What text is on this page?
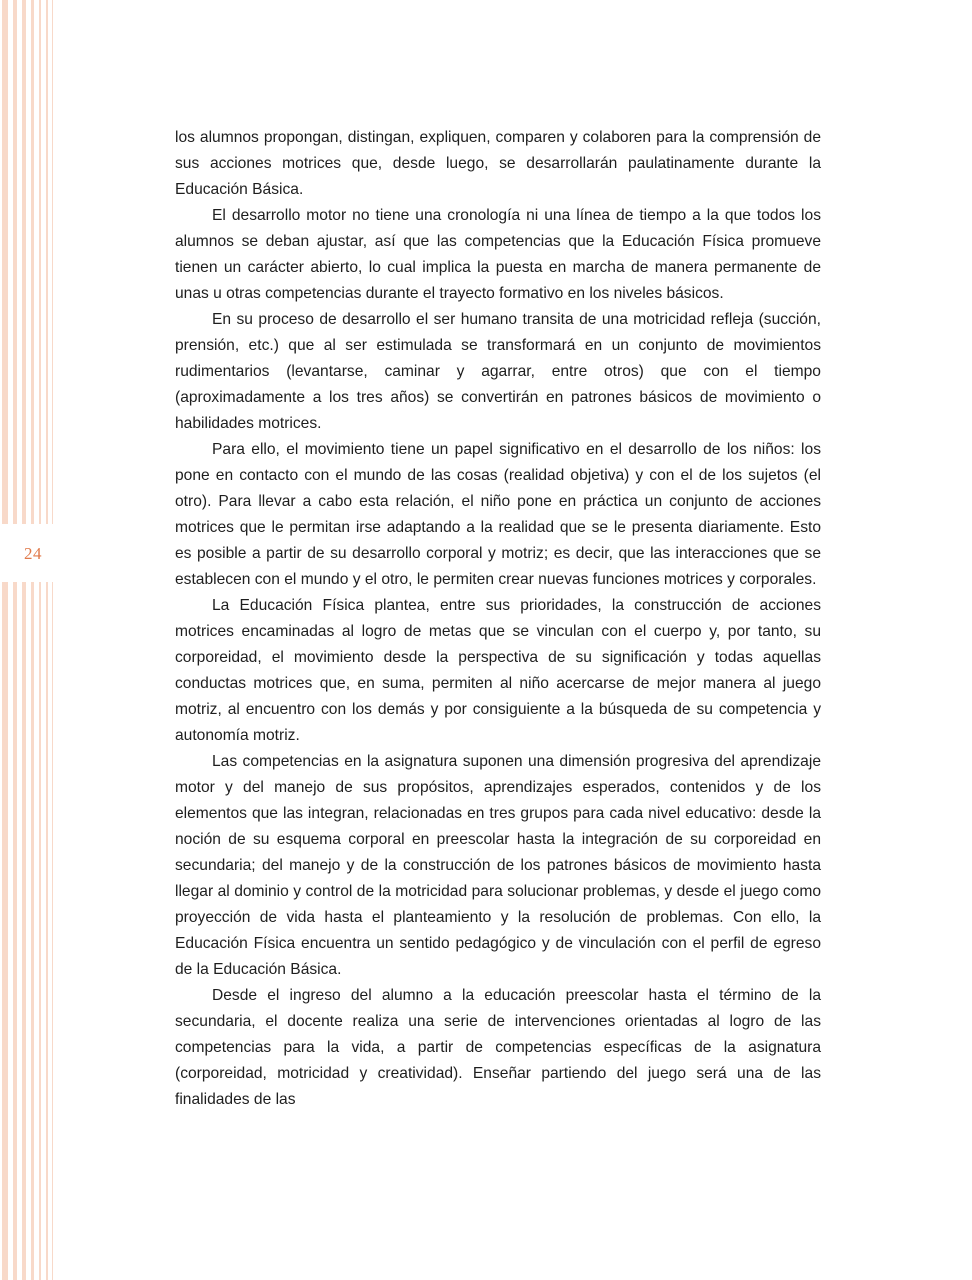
24

los alumnos propongan, distingan, expliquen, comparen y colaboren para la comprensión de sus acciones motrices que, desde luego, se desarrollarán paulatinamente durante la Educación Básica.

El desarrollo motor no tiene una cronología ni una línea de tiempo a la que todos los alumnos se deban ajustar, así que las competencias que la Educación Física promueve tienen un carácter abierto, lo cual implica la puesta en marcha de manera permanente de unas u otras competencias durante el trayecto formativo en los niveles básicos.

En su proceso de desarrollo el ser humano transita de una motricidad refleja (succión, prensión, etc.) que al ser estimulada se transformará en un conjunto de movimientos rudimentarios (levantarse, caminar y agarrar, entre otros) que con el tiempo (aproximadamente a los tres años) se convertirán en patrones básicos de movimiento o habilidades motrices.

Para ello, el movimiento tiene un papel significativo en el desarrollo de los niños: los pone en contacto con el mundo de las cosas (realidad objetiva) y con el de los sujetos (el otro). Para llevar a cabo esta relación, el niño pone en práctica un conjunto de acciones motrices que le permitan irse adaptando a la realidad que se le presenta diariamente. Esto es posible a partir de su desarrollo corporal y motriz; es decir, que las interacciones que se establecen con el mundo y el otro, le permiten crear nuevas funciones motrices y corporales.

La Educación Física plantea, entre sus prioridades, la construcción de acciones motrices encaminadas al logro de metas que se vinculan con el cuerpo y, por tanto, su corporeidad, el movimiento desde la perspectiva de su significación y todas aquellas conductas motrices que, en suma, permiten al niño acercarse de mejor manera al juego motriz, al encuentro con los demás y por consiguiente a la búsqueda de su competencia y autonomía motriz.

Las competencias en la asignatura suponen una dimensión progresiva del aprendizaje motor y del manejo de sus propósitos, aprendizajes esperados, contenidos y de los elementos que las integran, relacionadas en tres grupos para cada nivel educativo: desde la noción de su esquema corporal en preescolar hasta la integración de su corporeidad en secundaria; del manejo y de la construcción de los patrones básicos de movimiento hasta llegar al dominio y control de la motricidad para solucionar problemas, y desde el juego como proyección de vida hasta el planteamiento y la resolución de problemas. Con ello, la Educación Física encuentra un sentido pedagógico y de vinculación con el perfil de egreso de la Educación Básica.

Desde el ingreso del alumno a la educación preescolar hasta el término de la secundaria, el docente realiza una serie de intervenciones orientadas al logro de las competencias para la vida, a partir de competencias específicas de la asignatura (corporeidad, motricidad y creatividad). Enseñar partiendo del juego será una de las finalidades de las
